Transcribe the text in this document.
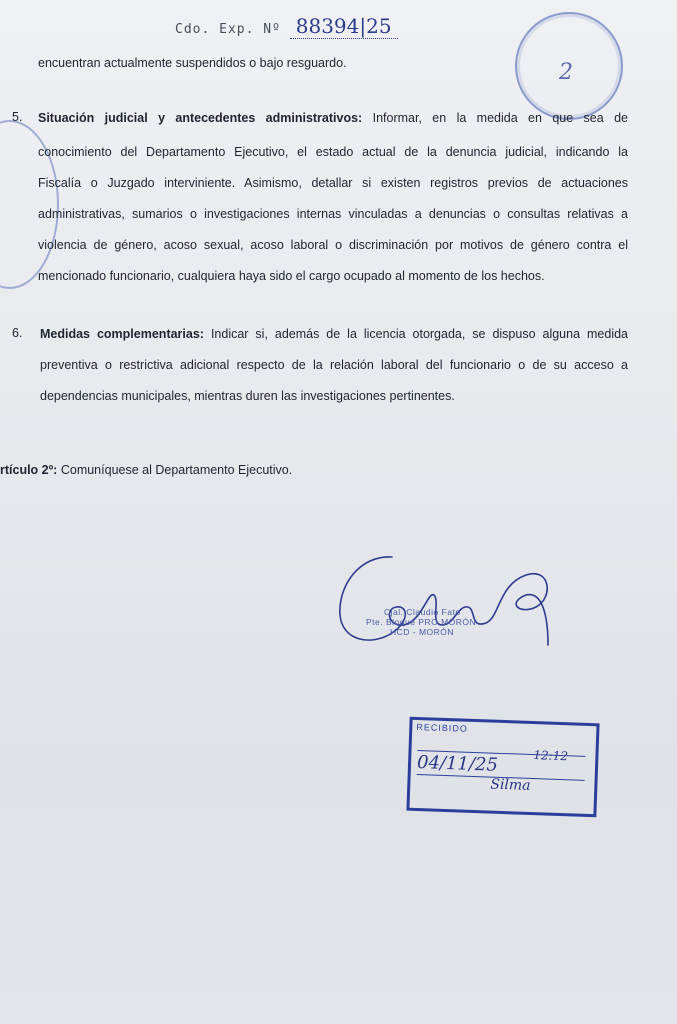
Cdo. Exp. Nº 88394|25
2
encuentran actualmente suspendidos o bajo resguardo.
5. Situación judicial y antecedentes administrativos: Informar, en la medida en que sea de
conocimiento del Departamento Ejecutivo, el estado actual de la denuncia judicial, indicando la
Fiscalía o Juzgado interviniente. Asimismo, detallar si existen registros previos de actuaciones
administrativas, sumarios o investigaciones internas vinculadas a denuncias o consultas relativas a
violencia de género, acoso sexual, acoso laboral o discriminación por motivos de género contra el
mencionado funcionario, cualquiera haya sido el cargo ocupado al momento de los hechos.
6. Medidas complementarias: Indicar si, además de la licencia otorgada, se dispuso alguna medida
preventiva o restrictiva adicional respecto de la relación laboral del funcionario o de su acceso a
dependencias municipales, mientras duren las investigaciones pertinentes.
rtículo 2º: Comuníquese al Departamento Ejecutivo.
Cjal. Claudio Fato
Pte. Bloque PRO MORÓN
HCD - MORÓN
RECIBIDO
04/11/25	12:12
Silma
